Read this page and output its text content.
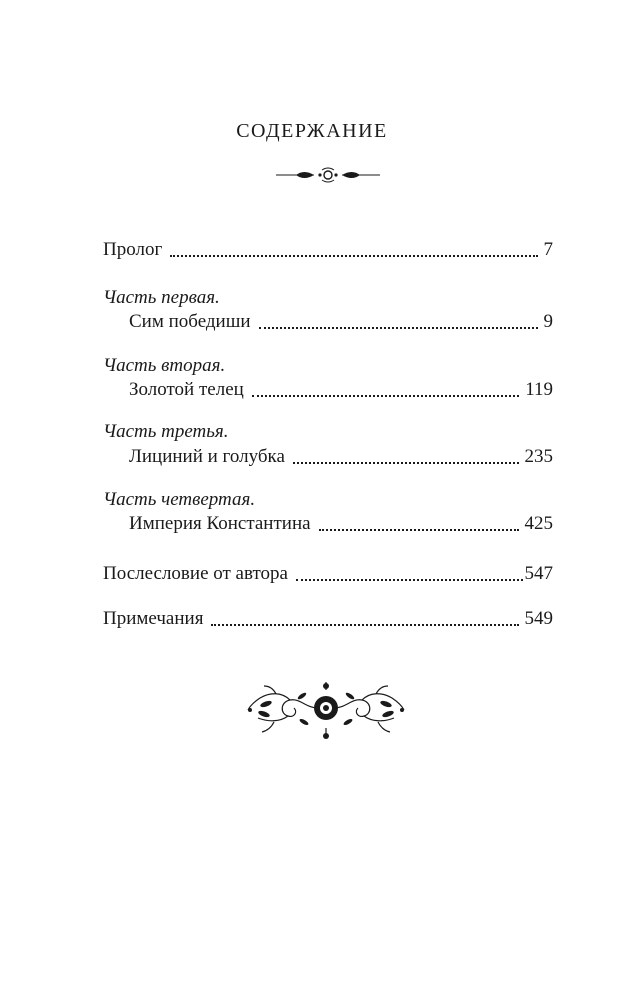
СОДЕРЖАНИЕ
Пролог	7
Часть первая.
Сим победиши	9
Часть вторая.
Золотой телец	119
Часть третья.
Лициний и голубка	235
Часть четвертая.
Империя Константина	425
Послесловие от автора	547
Примечания	549
